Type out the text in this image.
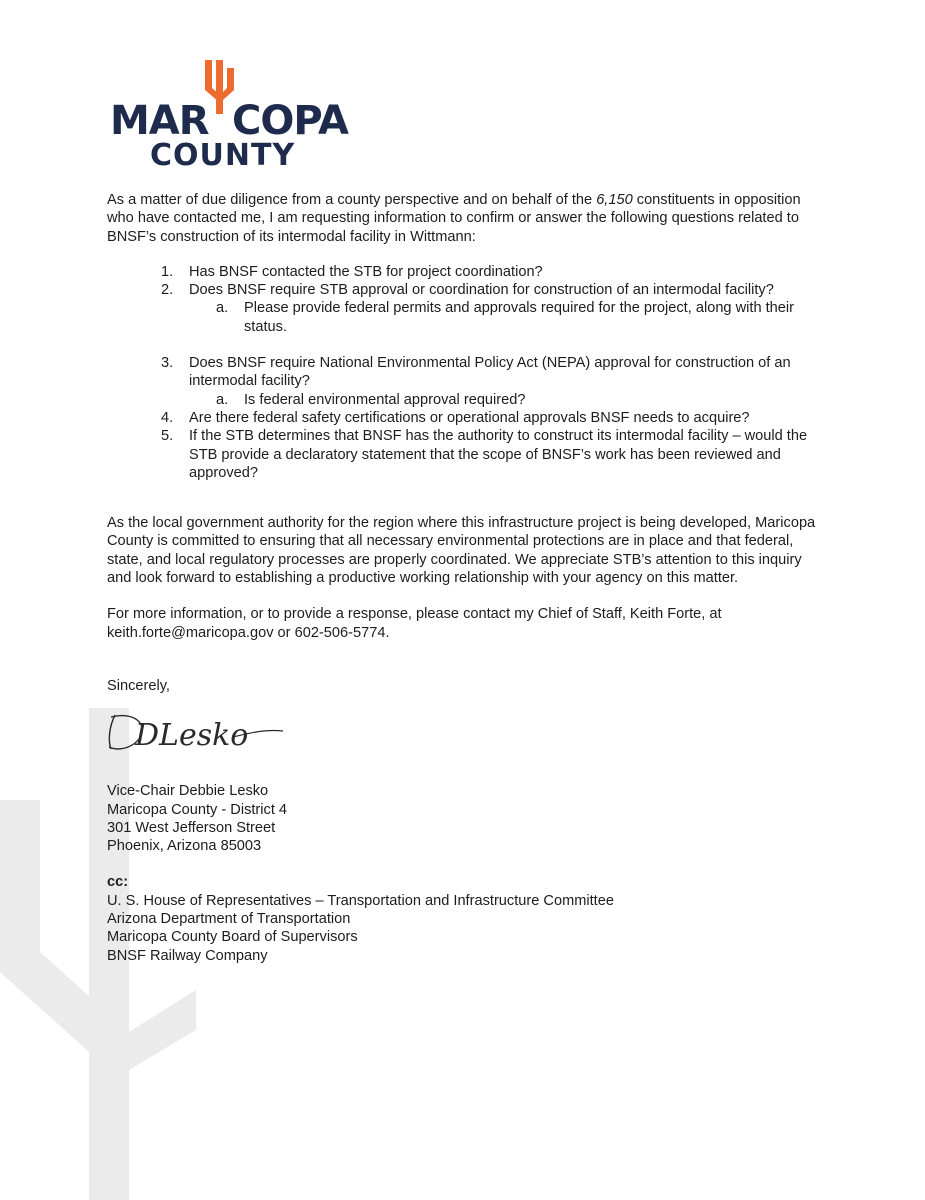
MAR COPA
COUNTY

As a matter of due diligence from a county perspective and on behalf of the 6,150 constituents in opposition who have contacted me, I am requesting information to confirm or answer the following questions related to BNSF’s construction of its intermodal facility in Wittmann:

1.	Has BNSF contacted the STB for project coordination?
2.	Does BNSF require STB approval or coordination for construction of an intermodal facility?
a. Please provide federal permits and approvals required for the project, along with their status.
3.	Does BNSF require National Environmental Policy Act (NEPA) approval for construction of an intermodal facility?
a. Is federal environmental approval required?
4.	Are there federal safety certifications or operational approvals BNSF needs to acquire?
5.	If the STB determines that BNSF has the authority to construct its intermodal facility – would the STB provide a declaratory statement that the scope of BNSF’s work has been reviewed and approved?

As the local government authority for the region where this infrastructure project is being developed, Maricopa County is committed to ensuring that all necessary environmental protections are in place and that federal, state, and local regulatory processes are properly coordinated. We appreciate STB’s attention to this inquiry and look forward to establishing a productive working relationship with your agency on this matter.

For more information, or to provide a response, please contact my Chief of Staff, Keith Forte, at keith.forte@maricopa.gov or 602-506-5774.

Sincerely,

DLesko

Vice-Chair Debbie Lesko

Maricopa County - District 4

301 West Jefferson Street

Phoenix, Arizona 85003

cc:

U. S. House of Representatives – Transportation and Infrastructure Committee

Arizona Department of Transportation

Maricopa County Board of Supervisors

BNSF Railway Company
